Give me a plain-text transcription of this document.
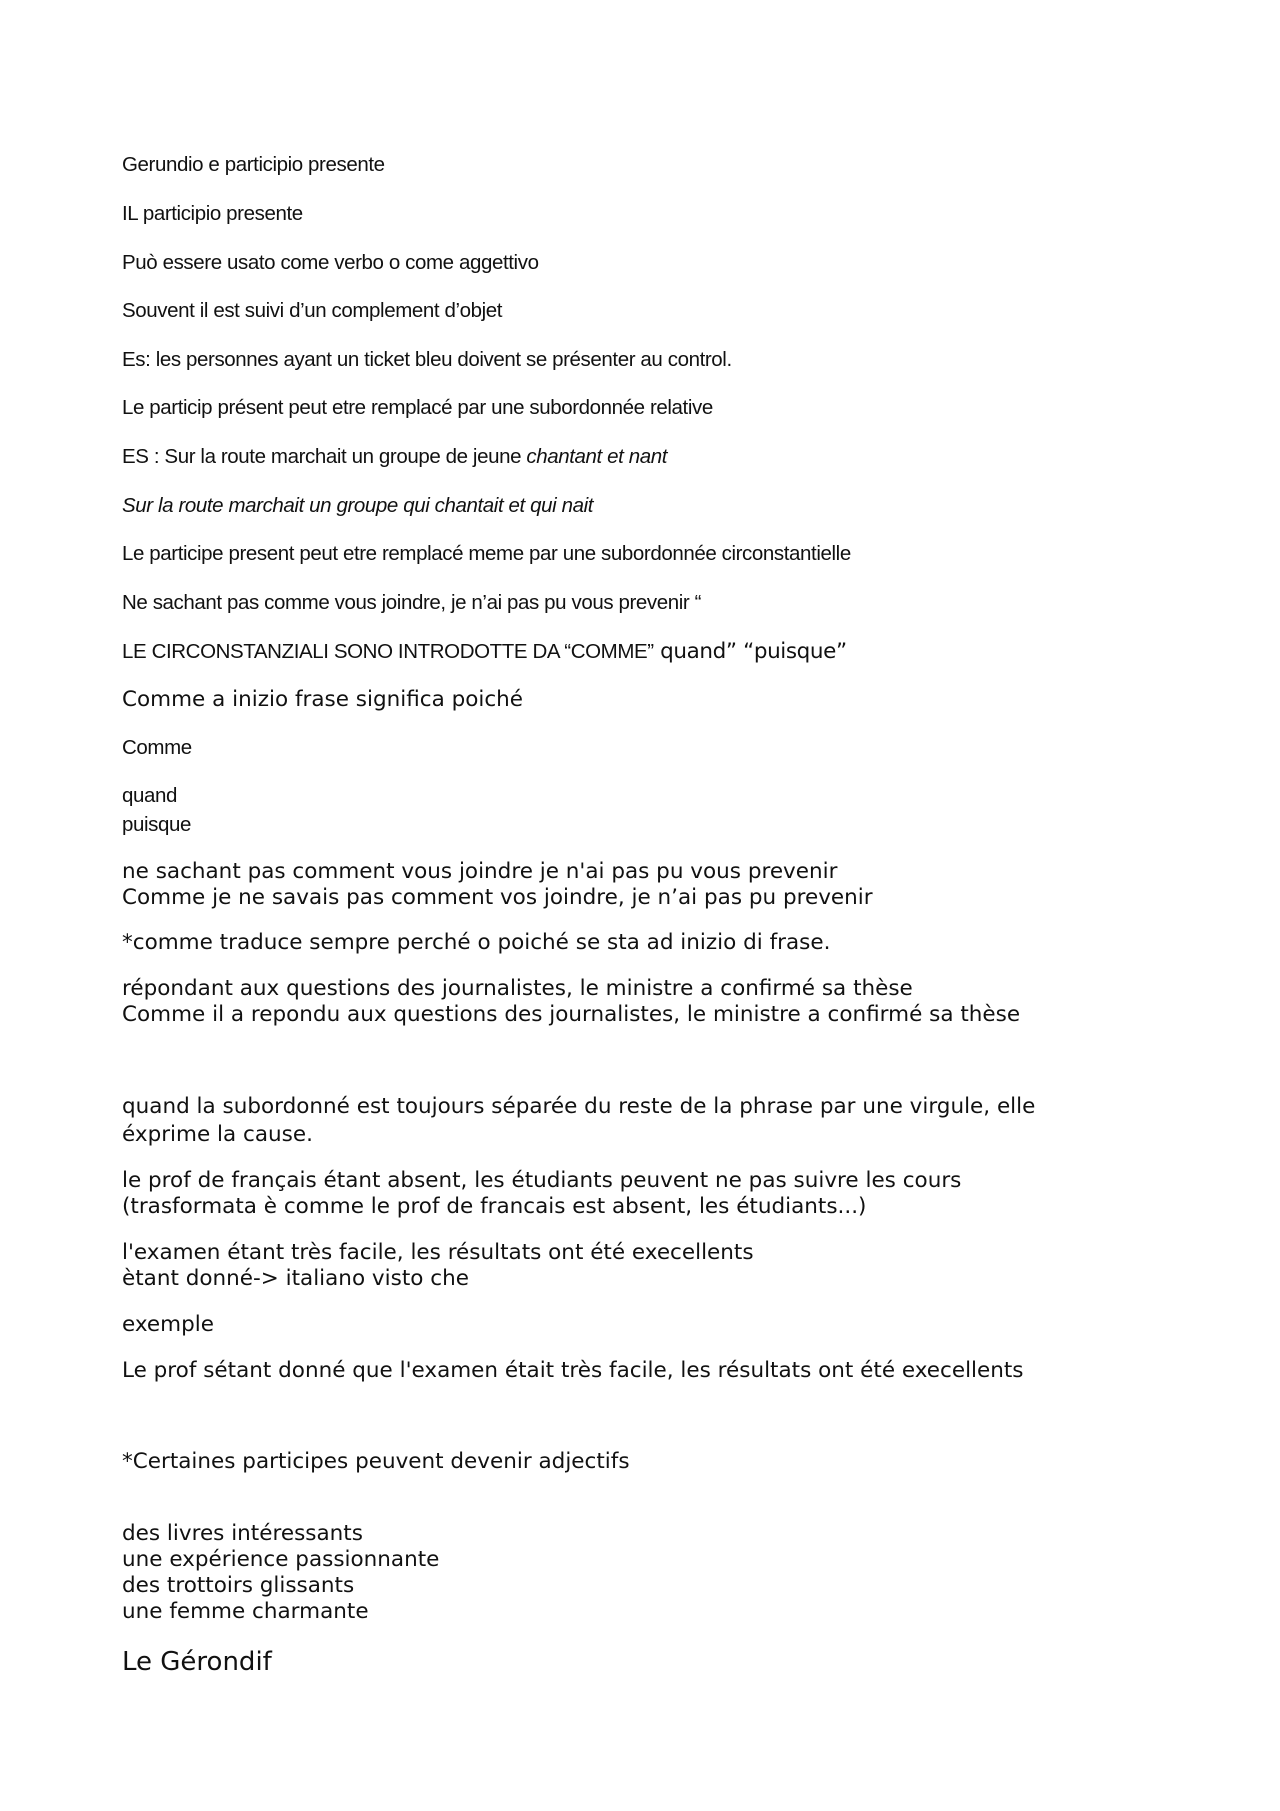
Gerundio e participio presente

IL participio presente

Può essere usato come verbo o come aggettivo

Souvent il est suivi d’un complement d’objet

Es: les personnes ayant un ticket bleu doivent se présenter au control.

Le particip présent peut etre remplacé par une subordonnée relative

ES : Sur la route marchait un groupe de jeune chantant et nant

Sur la route marchait un groupe qui chantait et qui nait

Le participe present peut etre remplacé meme par une subordonnée circonstantielle

Ne sachant pas comme vous joindre, je n’ai pas pu vous prevenir “

LE CIRCONSTANZIALI SONO INTRODOTTE DA “COMME” quand” “puisque”

Comme a inizio frase significa poiché

Comme

quand

puisque

ne sachant pas comment vous joindre je n'ai pas pu vous prevenir

Comme je ne savais pas comment vos joindre, je n’ai pas pu prevenir

*comme traduce sempre perché o poiché se sta ad inizio di frase.

répondant aux questions des journalistes, le ministre a confirmé sa thèse

Comme il a repondu aux questions des journalistes, le ministre a confirmé sa thèse

quand la subordonné est toujours séparée du reste de la phrase par une virgule, elle

éxprime la cause.

le prof de français étant absent, les étudiants peuvent ne pas suivre les cours

(trasformata è comme le prof de francais est absent, les étudiants...)

l'examen étant très facile, les résultats ont été execellents

ètant donné-> italiano visto che

exemple

Le prof sétant donné que l'examen était très facile, les résultats ont été execellents

*Certaines participes peuvent devenir adjectifs

des livres intéressants

une expérience passionnante

des trottoirs glissants

une femme charmante

Le Gérondif
